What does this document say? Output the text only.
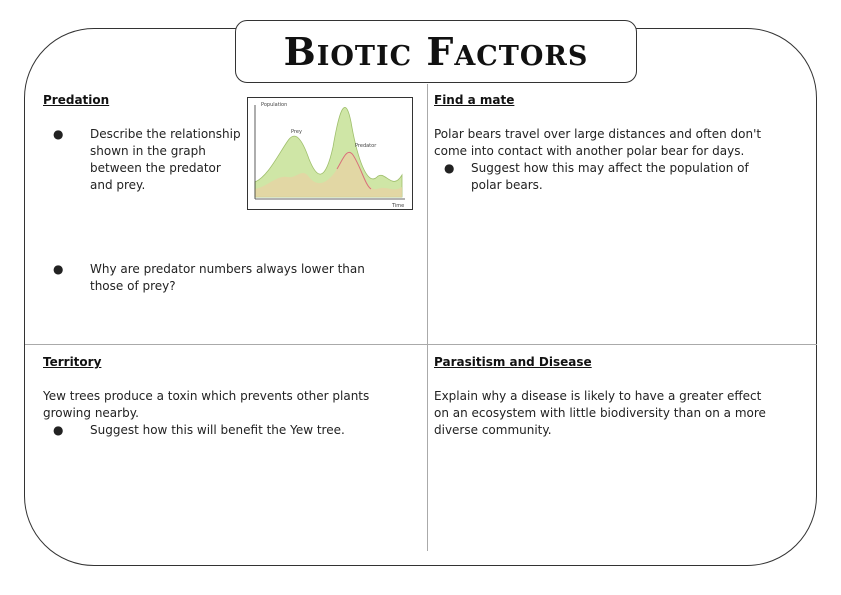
Biotic Factors
Predation
● Describe the relationship
shown in the graph
between the predator
and prey.
● Why are predator numbers always lower than
those of prey?
Population
Time
Prey
Predator
Find a mate
Polar bears travel over large distances and often don't
come into contact with another polar bear for days.
● Suggest how this may affect the population of
polar bears.
Territory
Yew trees produce a toxin which prevents other plants
growing nearby.
● Suggest how this will benefit the Yew tree.
Parasitism and Disease
Explain why a disease is likely to have a greater effect
on an ecosystem with little biodiversity than on a more
diverse community.
